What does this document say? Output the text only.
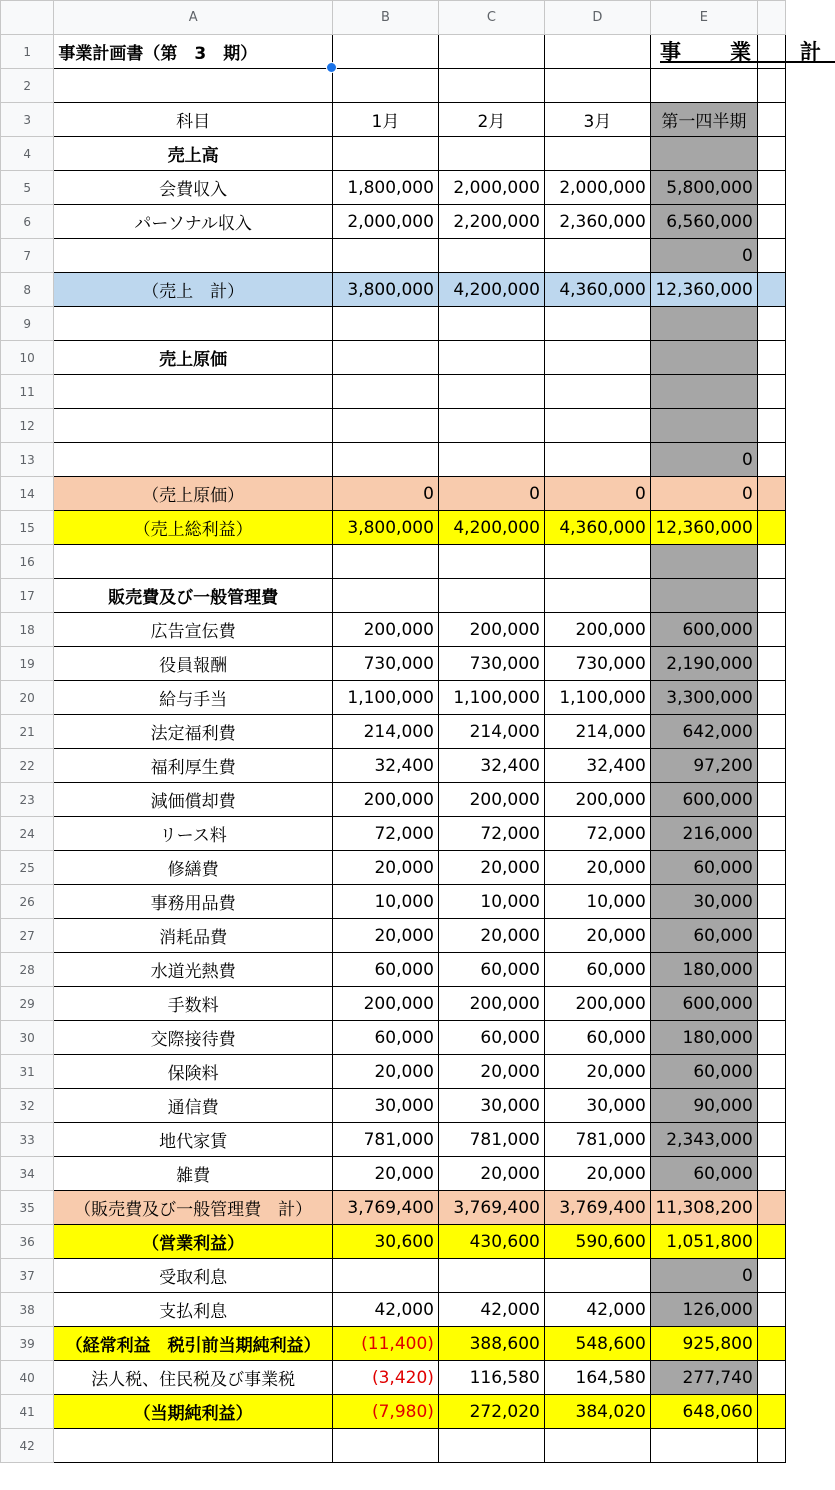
	A	B	C	D	E	
1	事業計画書（第　3　期）

2						
3	科目	1月	2月	3月	第一四半期	
4	売上高					
5	会費収入	1,800,000	2,000,000	2,000,000	5,800,000	
6	パーソナル収入	2,000,000	2,200,000	2,360,000	6,560,000	
7					0	
8	（売上　計）	3,800,000	4,200,000	4,360,000	12,360,000	
9						
10	売上原価					
11						
12						
13					0	
14	（売上原価）	0	0	0	0	
15	（売上総利益）	3,800,000	4,200,000	4,360,000	12,360,000	
16						
17	販売費及び一般管理費					
18	広告宣伝費	200,000	200,000	200,000	600,000	
19	役員報酬	730,000	730,000	730,000	2,190,000	
20	給与手当	1,100,000	1,100,000	1,100,000	3,300,000	
21	法定福利費	214,000	214,000	214,000	642,000	
22	福利厚生費	32,400	32,400	32,400	97,200	
23	減価償却費	200,000	200,000	200,000	600,000	
24	リース料	72,000	72,000	72,000	216,000	
25	修繕費	20,000	20,000	20,000	60,000	
26	事務用品費	10,000	10,000	10,000	30,000	
27	消耗品費	20,000	20,000	20,000	60,000	
28	水道光熱費	60,000	60,000	60,000	180,000	
29	手数料	200,000	200,000	200,000	600,000	
30	交際接待費	60,000	60,000	60,000	180,000	
31	保険料	20,000	20,000	20,000	60,000	
32	通信費	30,000	30,000	30,000	90,000	
33	地代家賃	781,000	781,000	781,000	2,343,000	
34	雑費	20,000	20,000	20,000	60,000	
35	（販売費及び一般管理費　計）	3,769,400	3,769,400	3,769,400	11,308,200	
36	（営業利益）	30,600	430,600	590,600	1,051,800	
37	受取利息				0	
38	支払利息	42,000	42,000	42,000	126,000	
39	（経常利益　税引前当期純利益）	(11,400)	388,600	548,600	925,800	
40	法人税、住民税及び事業税	(3,420)	116,580	164,580	277,740	
41	（当期純利益）	(7,980)	272,020	384,020	648,060	
42						
事　業　計
